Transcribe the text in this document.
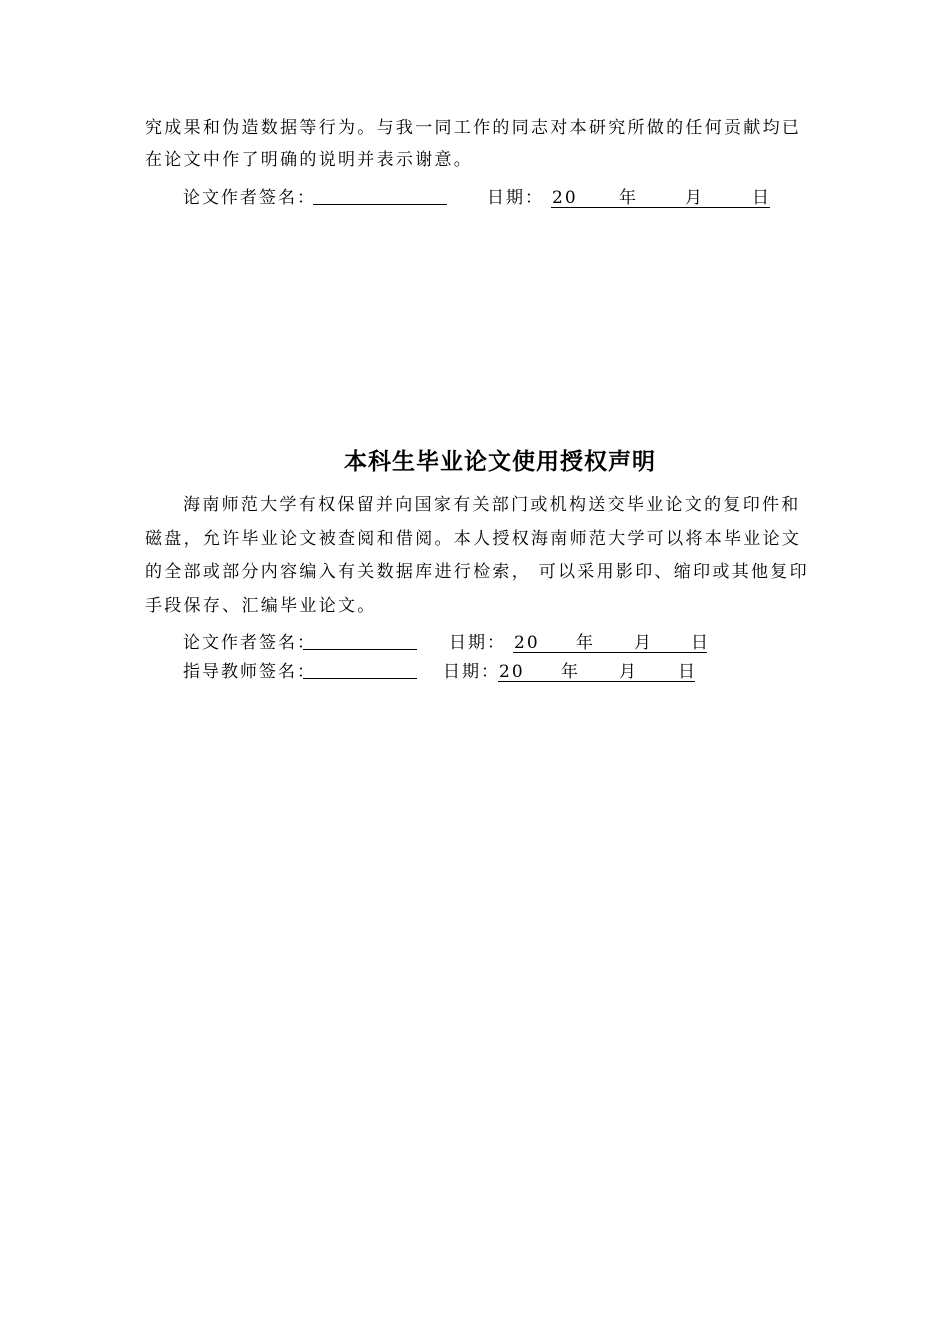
究成果和伪造数据等行为。与我一同工作的同志对本研究所做的任何贡献均已
在论文中作了明确的说明并表示谢意。
论文作者签名：	日期： 20 年	月	日
本科生毕业论文使用授权声明
海南师范大学有权保留并向国家有关部门或机构送交毕业论文的复印件和
磁盘，允许毕业论文被查阅和借阅。本人授权海南师范大学可以将本毕业论文
的全部或部分内容编入有关数据库进行检索， 可以采用影印、缩印或其他复印
手段保存、汇编毕业论文。
论文作者签名：	日期： 20 年 月 日
指导教师签名：	日期： 20 年 月 日
